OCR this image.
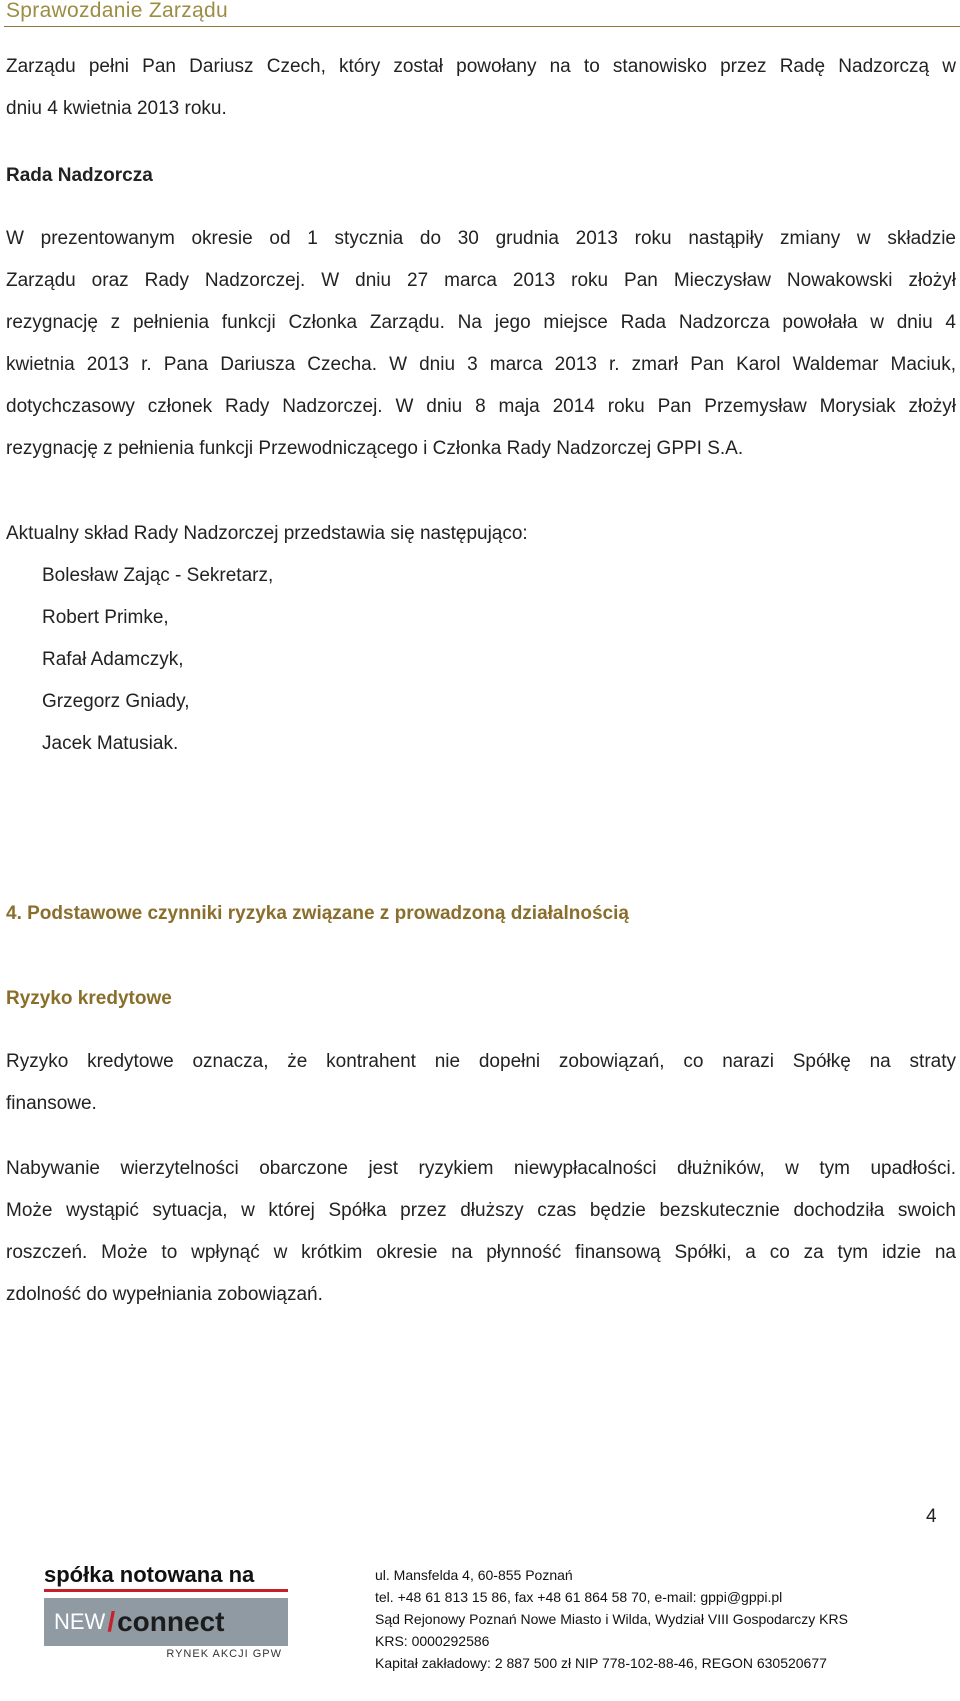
Sprawozdanie Zarządu

Zarządu pełni Pan Dariusz Czech, który został powołany na to stanowisko przez Radę Nadzorczą w

dniu 4 kwietnia 2013 roku.

Rada Nadzorcza

W prezentowanym okresie od 1 stycznia do 30 grudnia 2013 roku nastąpiły zmiany w składzie

Zarządu oraz Rady Nadzorczej. W dniu 27 marca 2013 roku Pan Mieczysław Nowakowski złożył

rezygnację z pełnienia funkcji Członka Zarządu. Na jego miejsce Rada Nadzorcza powołała w dniu 4

kwietnia 2013 r. Pana Dariusza Czecha. W dniu 3 marca 2013 r. zmarł Pan Karol Waldemar Maciuk,

dotychczasowy członek Rady Nadzorczej. W dniu 8 maja 2014 roku Pan Przemysław Morysiak złożył

rezygnację z pełnienia funkcji Przewodniczącego i Członka Rady Nadzorczej GPPI S.A.

Aktualny skład Rady Nadzorczej przedstawia się następująco:

Bolesław Zając - Sekretarz,
Robert Primke,
Rafał Adamczyk,
Grzegorz Gniady,
Jacek Matusiak.

4. Podstawowe czynniki ryzyka związane z prowadzoną działalnością

Ryzyko kredytowe

Ryzyko kredytowe oznacza, że kontrahent nie dopełni zobowiązań, co narazi Spółkę na straty

finansowe.

Nabywanie wierzytelności obarczone jest ryzykiem niewypłacalności dłużników, w tym upadłości.

Może wystąpić sytuacja, w której Spółka przez dłuższy czas będzie bezskutecznie dochodziła swoich

roszczeń. Może to wpłynąć w krótkim okresie na płynność finansową Spółki, a co za tym idzie na

zdolność do wypełniania zobowiązań.

4

spółka notowana na
NEW / connect
RYNEK AKCJI GPW
ul. Mansfelda 4, 60-855 Poznań
tel. +48 61 813 15 86, fax +48 61 864 58 70, e-mail: gppi@gppi.pl
Sąd Rejonowy Poznań Nowe Miasto i Wilda, Wydział VIII Gospodarczy KRS
KRS: 0000292586
Kapitał zakładowy: 2 887 500 zł NIP 778-102-88-46, REGON 630520677
